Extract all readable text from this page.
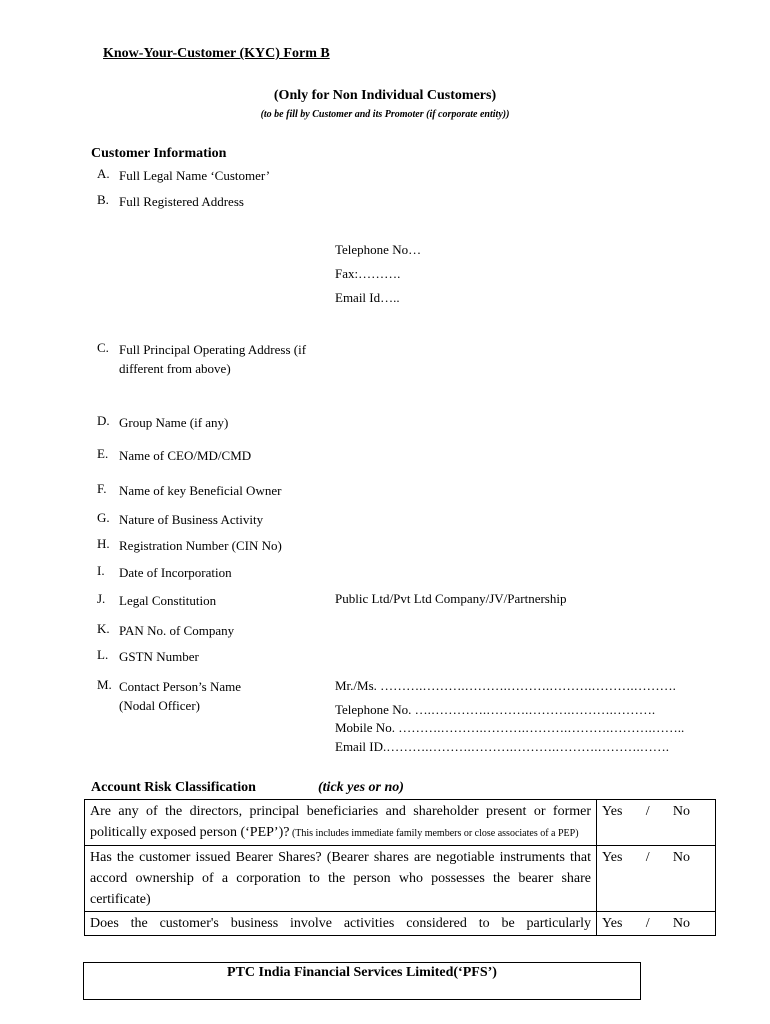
Know-Your-Customer (KYC) Form B
(Only for Non Individual Customers)
(to be fill by Customer and its Promoter (if corporate entity))
Customer Information
A. Full Legal Name ‘Customer’
B. Full Registered Address
Telephone No…
Fax:……….
Email Id…..
C. Full Principal Operating Address (if
different from above)
D. Group Name (if any)
E. Name of CEO/MD/CMD
F. Name of key Beneficial Owner
G. Nature of Business Activity
H. Registration Number (CIN No)
I. Date of Incorporation
J. Legal Constitution	Public Ltd/Pvt Ltd Company/JV/Partnership
K. PAN No. of Company
L. GSTN Number
M. Contact Person’s Name
(Nodal Officer)
Mr./Ms. ……….……….……….……….……….……….……….
Telephone No. ….………….……….……….……….……….
Mobile No. ……….……….……….……….……….……….……..
Email ID.……….……….……….……….……….……….…….
Account Risk Classification	(tick yes or no)
Are any of the directors, principal beneficiaries and shareholder present or former politically exposed person (‘PEP’)? (This includes immediate family members or close associates of a PEP)	Yes / No

Has the customer issued Bearer Shares? (Bearer shares are negotiable instruments that accord ownership of a corporation to the person who possesses the bearer share certificate)	Yes / No

Does the customer's business involve activities considered to be particularly	Yes / No
PTC India Financial Services Limited(‘PFS’)
